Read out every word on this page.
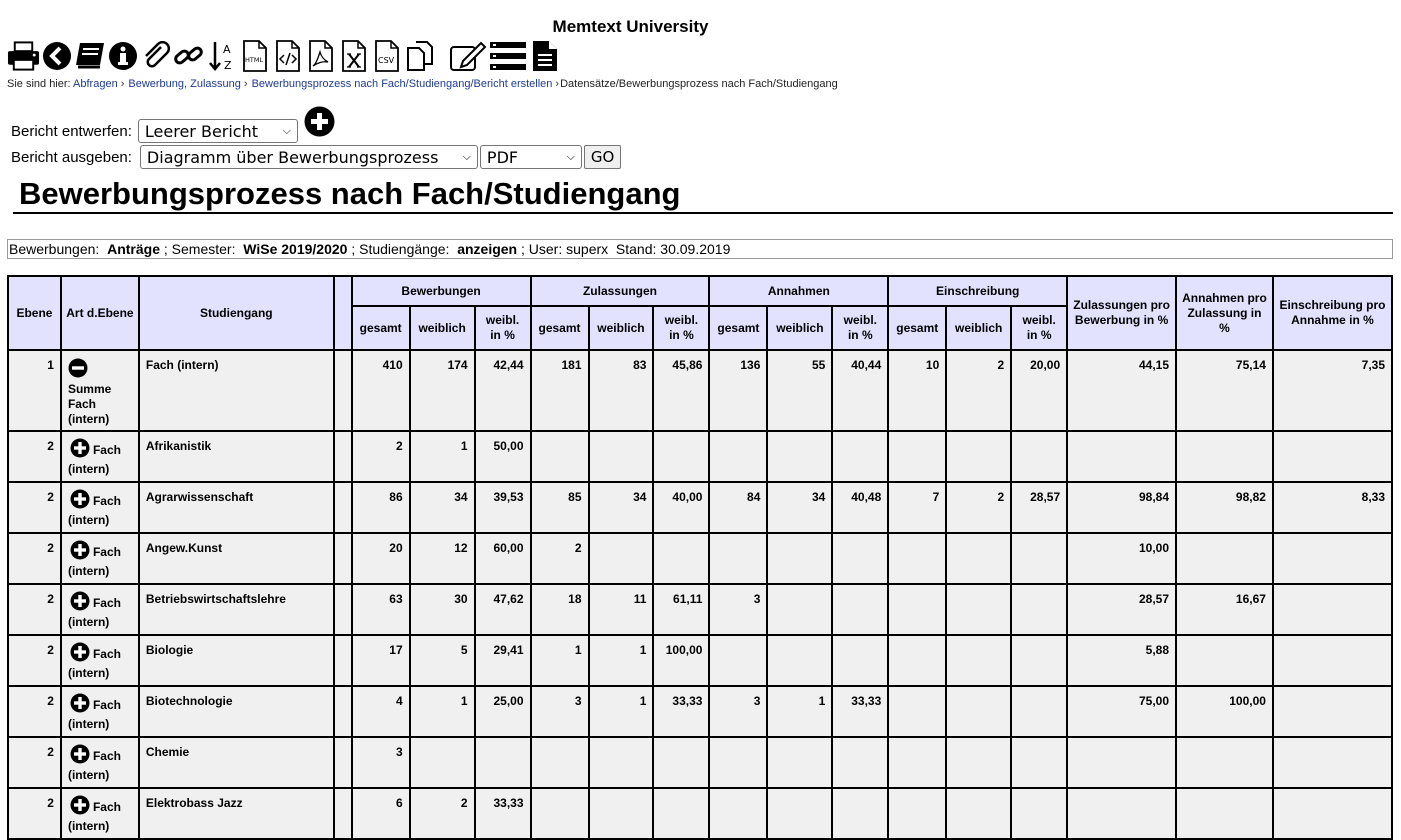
Memtext University
A
Z HTML	CSV
Sie sind hier: Abfragen › Bewerbung, Zulassung › Bewerbungsprozess nach Fach/Studiengang/Bericht erstellen ›Datensätze/Bewerbungsprozess nach Fach/Studiengang
Bericht entwerfen: Leerer Bericht ⌵
Bericht ausgeben: Diagramm über Bewerbungsprozess ⌵ PDF	⌵	GO
Bewerbungsprozess nach Fach/Studiengang
Bewerbungen: Anträge ; Semester: WiSe 2019/2020 ; Studiengänge: anzeigen ; User: superx Stand: 30.09.2019
Ebene	Art d.Ebene	Studiengang		Bewerbungen			Zulassungen			Annahmen			Einschreibung			Zulassungen pro Bewerbung in %	Annahmen pro Zulassung in %	Einschreibung pro Annahme in %
				gesamt	weiblich	weibl. in %	gesamt	weiblich	weibl. in %	gesamt	weiblich	weibl. in %	gesamt	weiblich	weibl. in %			
1	Summe Fach (intern)	Fach (intern)		410	174	42,44	181	83	45,86	136	55	40,44	10	2	20,00	44,15	75,14	7,35
2	Fach (intern)	Afrikanistik		2	1	50,00												
2	Fach (intern)	Agrarwissenschaft		86	34	39,53	85	34	40,00	84	34	40,48	7	2	28,57	98,84	98,82	8,33
2	Fach (intern)	Angew.Kunst		20	12	60,00	2									10,00		
2	Fach (intern)	Betriebswirtschaftslehre		63	30	47,62	18	11	61,11	3						28,57	16,67	
2	Fach (intern)	Biologie		17	5	29,41	1	1	100,00							5,88		
2	Fach (intern)	Biotechnologie		4	1	25,00	3	1	33,33	3	1	33,33				75,00	100,00	
2	Fach (intern)	Chemie		3														
2	Fach (intern)	Elektrobass Jazz		6	2	33,33												
